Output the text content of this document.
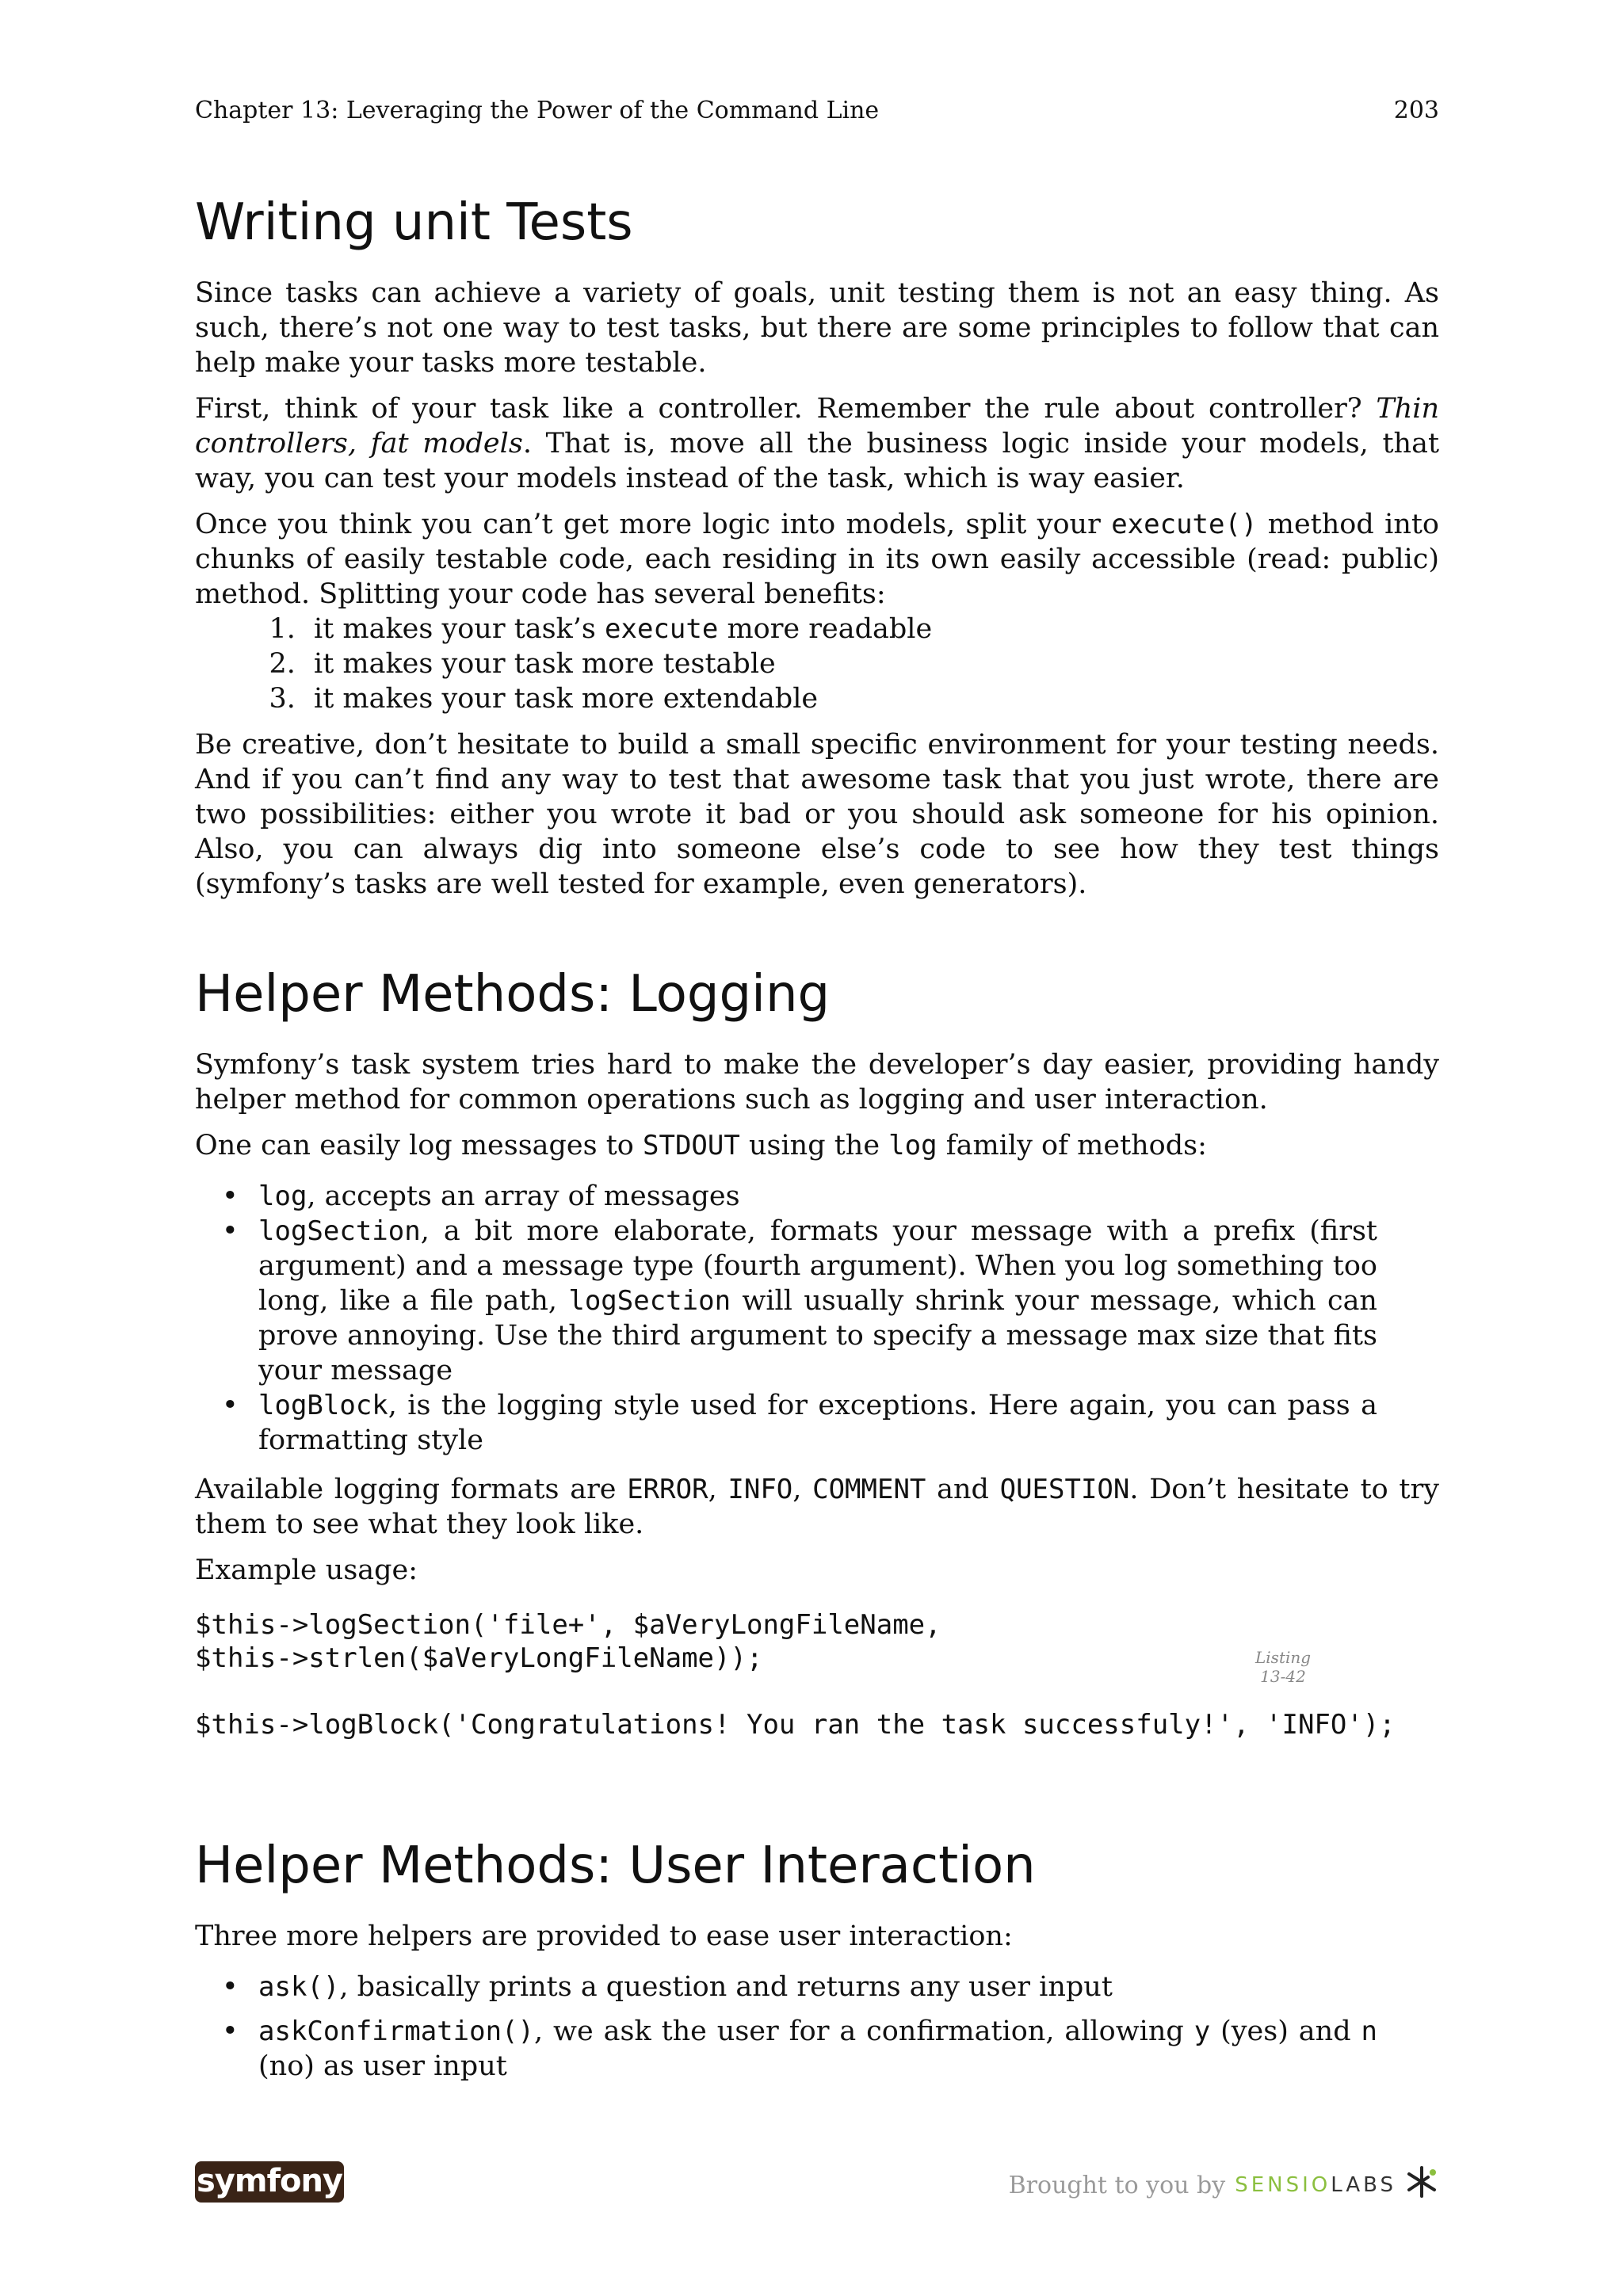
Chapter 13: Leveraging the Power of the Command Line	203
Writing unit Tests

Since tasks can achieve a variety of goals, unit testing them is not an easy thing. As such, there’s not one way to test tasks, but there are some principles to follow that can help make your tasks more testable.

First, think of your task like a controller. Remember the rule about controller? Thin controllers, fat models. That is, move all the business logic inside your models, that way, you can test your models instead of the task, which is way easier.

Once you think you can’t get more logic into models, split your execute() method into chunks of easily testable code, each residing in its own easily accessible (read: public) method. Splitting your code has several benefits:

1. it makes your task’s execute more readable
2. it makes your task more testable
3. it makes your task more extendable

Be creative, don’t hesitate to build a small specific environment for your testing needs. And if you can’t find any way to test that awesome task that you just wrote, there are two possibilities: either you wrote it bad or you should ask someone for his opinion. Also, you can always dig into someone else’s code to see how they test things (symfony’s tasks are well tested for example, even generators).

Helper Methods: Logging

Symfony’s task system tries hard to make the developer’s day easier, providing handy helper method for common operations such as logging and user interaction.

One can easily log messages to STDOUT using the log family of methods:

• log, accepts an array of messages
• logSection, a bit more elaborate, formats your message with a prefix (first argument) and a message type (fourth argument). When you log something too long, like a file path, logSection will usually shrink your message, which can prove annoying. Use the third argument to specify a message max size that fits your message
• logBlock, is the logging style used for exceptions. Here again, you can pass a formatting style

Available logging formats are ERROR, INFO, COMMENT and QUESTION. Don’t hesitate to try them to see what they look like.

Example usage:

$this->logSection('file+', $aVeryLongFileName,
$this->strlen($aVeryLongFileName));

$this->logBlock('Congratulations! You ran the task successfuly!', 'INFO');
Helper Methods: User Interaction

Three more helpers are provided to ease user interaction:

• ask(), basically prints a question and returns any user input
• askConfirmation(), we ask the user for a confirmation, allowing y (yes) and n (no) as user input
symfony	Brought to you by SENSIOLABS
Listing
13-42
